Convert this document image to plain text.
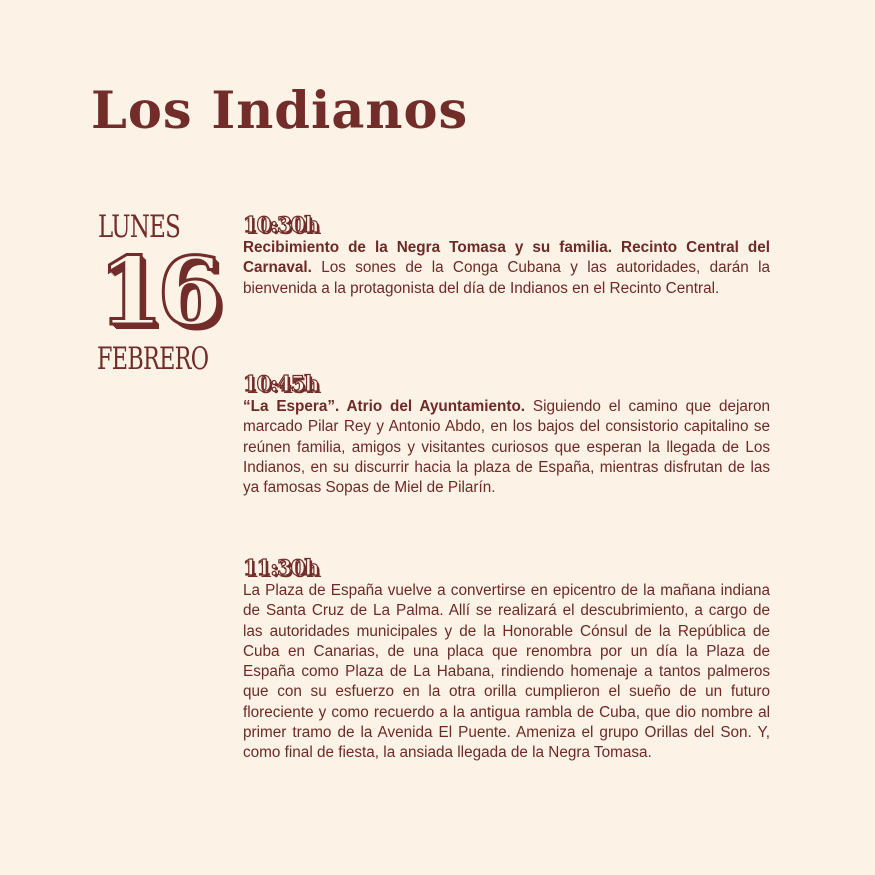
Los Indianos
LUNES
16
FEBRERO
10:30h

Recibimiento de la Negra Tomasa y su familia. Recinto Central del Carnaval. Los sones de la Conga Cubana y las autoridades, darán la bienvenida a la protagonista del día de Indianos en el Recinto Central.

10:45h

“La Espera”. Atrio del Ayuntamiento. Siguiendo el camino que dejaron marcado Pilar Rey y Antonio Abdo, en los bajos del consistorio capitalino se reúnen familia, amigos y visitantes curiosos que esperan la llegada de Los Indianos, en su discurrir hacia la plaza de España, mientras disfrutan de las ya famosas Sopas de Miel de Pilarín.

11:30h

La Plaza de España vuelve a convertirse en epicentro de la mañana indiana de Santa Cruz de La Palma. Allí se realizará el descubrimiento, a cargo de las autoridades municipales y de la Honorable Cónsul de la República de Cuba en Canarias, de una placa que renombra por un día la Plaza de España como Plaza de La Habana, rindiendo homenaje a tantos palmeros que con su esfuerzo en la otra orilla cumplieron el sueño de un futuro floreciente y como recuerdo a la antigua rambla de Cuba, que dio nombre al primer tramo de la Avenida El Puente. Ameniza el grupo Orillas del Son. Y, como final de fiesta, la ansiada llegada de la Negra Tomasa.
